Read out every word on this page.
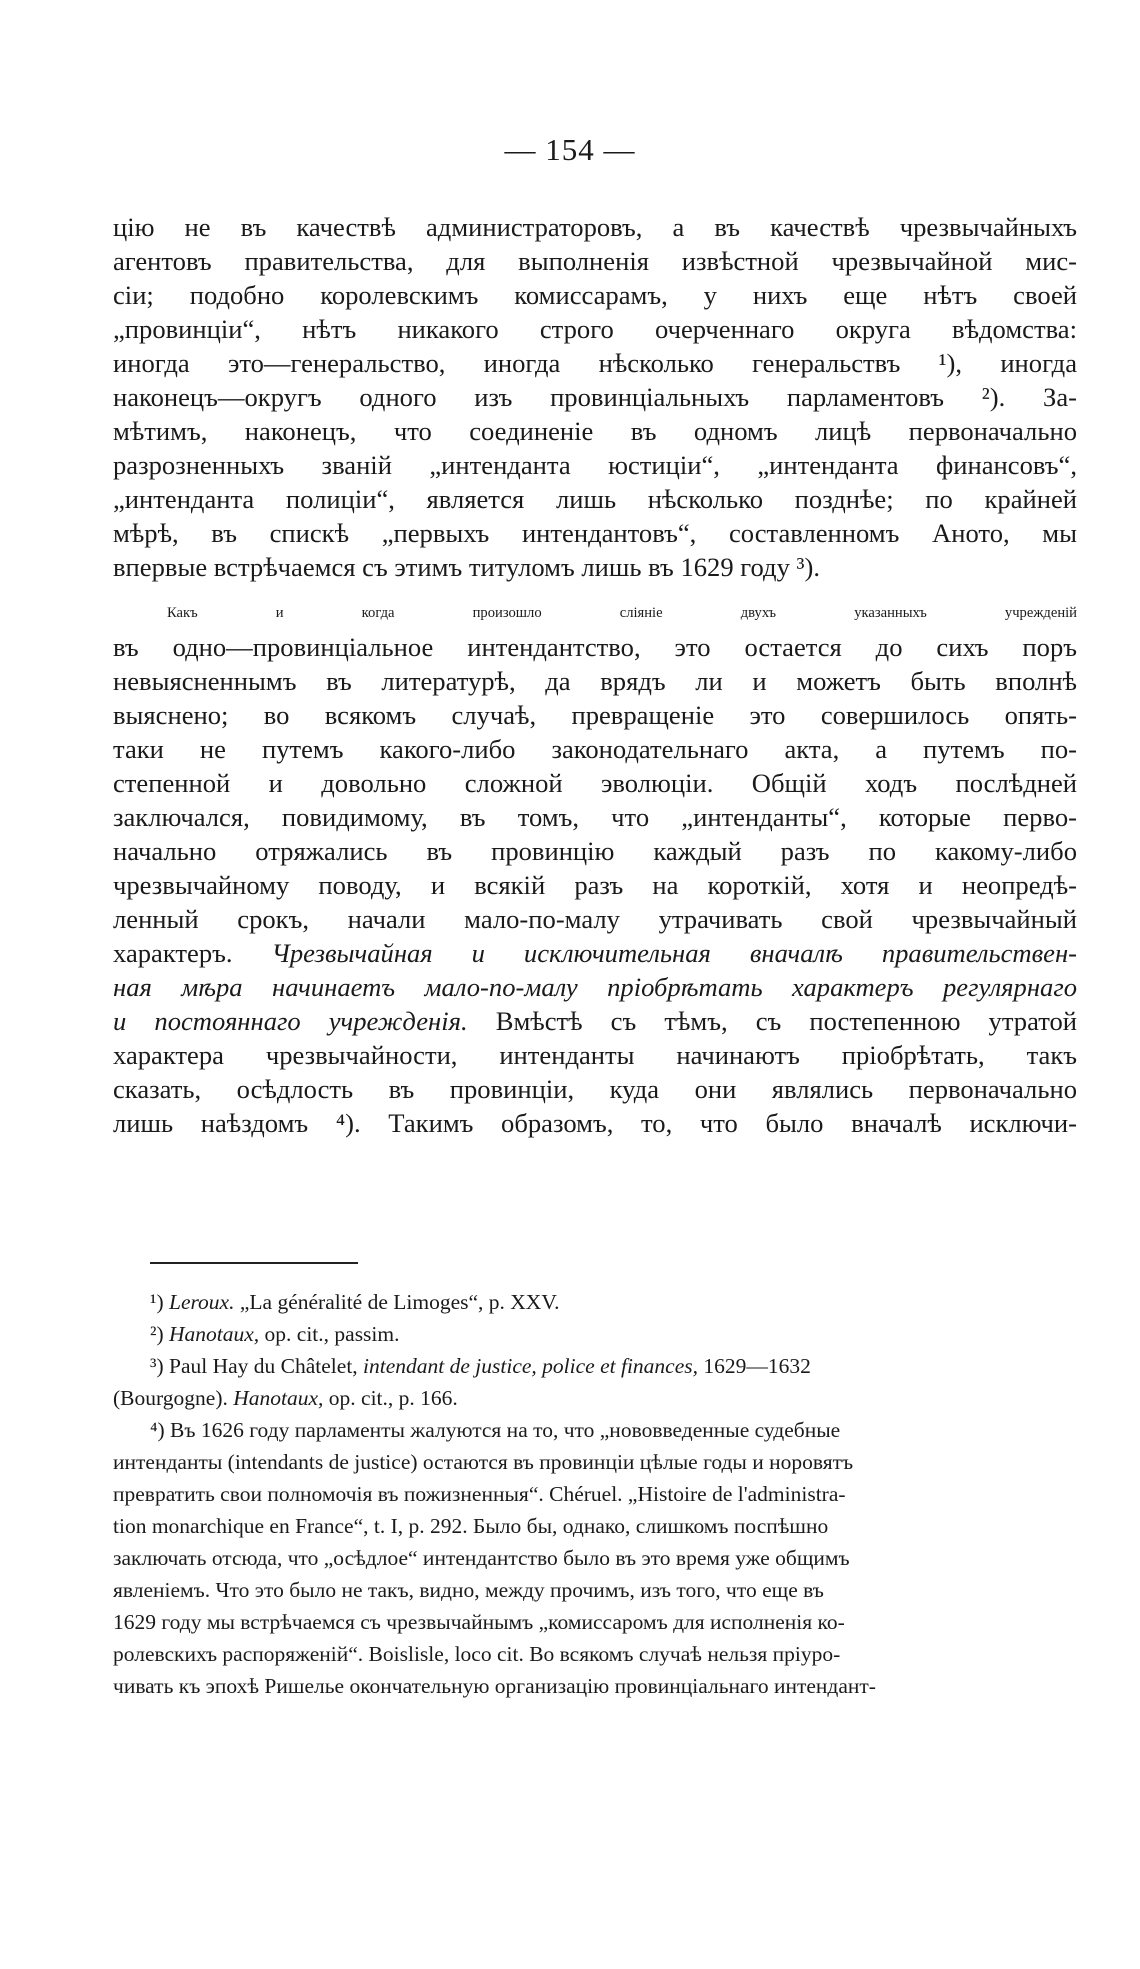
— 154 —
цію не въ качествѣ администраторовъ, а въ качествѣ чрезвычайныхъ
агентовъ правительства, для выполненія извѣстной чрезвычайной мис-
сіи; подобно королевскимъ комиссарамъ, у нихъ еще нѣтъ своей
„провинціи“, нѣтъ никакого строго очерченнаго округа вѣдомства:
иногда это—генеральство, иногда нѣсколько генеральствъ ¹), иногда
наконецъ—округъ одного изъ провинціальныхъ парламентовъ ²). За-
мѣтимъ, наконецъ, что соединеніе въ одномъ лицѣ первоначально
разрозненныхъ званій „интенданта юстиціи“, „интенданта финансовъ“,
„интенданта полиціи“, является лишь нѣсколько позднѣе; по крайней
мѣрѣ, въ спискѣ „первыхъ интендантовъ“, составленномъ Аното, мы
впервые встрѣчаемся съ этимъ титуломъ лишь въ 1629 году ³).
Какъ и когда произошло сліяніе двухъ указанныхъ учрежденій
въ одно—провинціальное интендантство, это остается до сихъ поръ
невыясненнымъ въ литературѣ, да врядъ ли и можетъ быть вполнѣ
выяснено; во всякомъ случаѣ, превращеніе это совершилось опять-
таки не путемъ какого-либо законодательнаго акта, а путемъ по-
степенной и довольно сложной эволюціи. Общій ходъ послѣдней
заключался, повидимому, въ томъ, что „интенданты“, которые перво-
начально отряжались въ провинцію каждый разъ по какому-либо
чрезвычайному поводу, и всякій разъ на короткій, хотя и неопредѣ-
ленный срокъ, начали мало-по-малу утрачивать свой чрезвычайный
характеръ. Чрезвычайная и исключительная вначалѣ правительствен-
ная мѣра начинаетъ мало-по-малу пріобрѣтать характеръ регулярнаго
и постояннаго учрежденія. Вмѣстѣ съ тѣмъ, съ постепенною утратой
характера чрезвычайности, интенданты начинаютъ пріобрѣтать, такъ
сказать, осѣдлость въ провинціи, куда они являлись первоначально
лишь наѣздомъ ⁴). Такимъ образомъ, то, что было вначалѣ исключи-
¹) Leroux. „La généralité de Limoges“, p. XXV.
²) Hanotaux, op. cit., passim.
³) Paul Hay du Châtelet, intendant de justice, police et finances, 1629—1632
(Bourgogne). Hanotaux, op. cit., p. 166.
⁴) Въ 1626 году парламенты жалуются на то, что „нововведенные судебные
интенданты (intendants de justice) остаются въ провинціи цѣлые годы и норовятъ
превратить свои полномочія въ пожизненныя“. Chéruel. „Histoire de l'administra-
tion monarchique en France“, t. I, p. 292. Было бы, однако, слишкомъ поспѣшно
заключать отсюда, что „осѣдлое“ интендантство было въ это время уже общимъ
явленіемъ. Что это было не такъ, видно, между прочимъ, изъ того, что еще въ
1629 году мы встрѣчаемся съ чрезвычайнымъ „комиссаромъ для исполненія ко-
ролевскихъ распоряженій“. Boislisle, loco cit. Во всякомъ случаѣ нельзя пріуро-
чивать къ эпохѣ Ришелье окончательную организацію провинціальнаго интендант-
